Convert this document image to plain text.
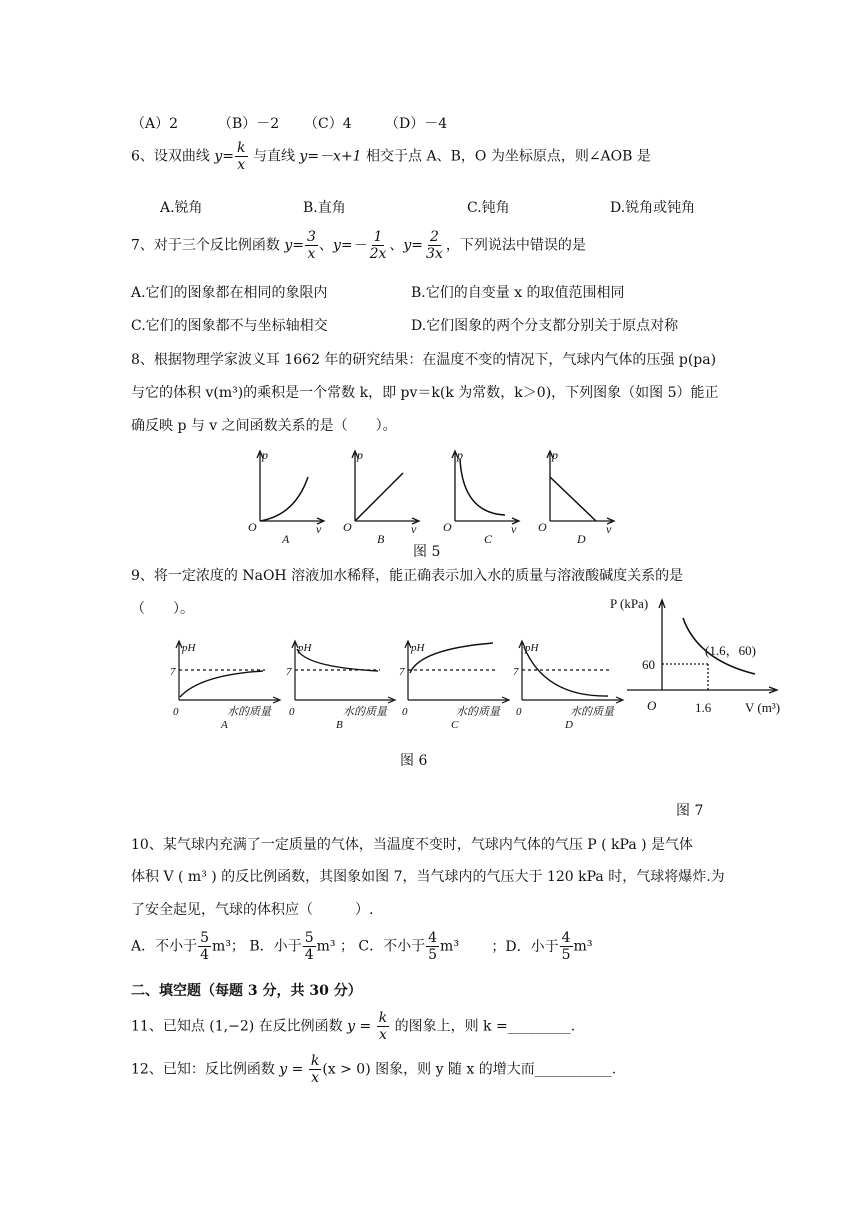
（A）2	（B）－2 （C）4 （D）－4
6、设双曲线 $y= \frac{k}{x}$ 与直线 y=－x+1 相交于点 A、B，O 为坐标原点，则∠AOB 是
A.锐角	B.直角	C.钝角	D.锐角或钝角
7、对于三个反比例函数 $y= \frac{3}{x}$ 、$y=- \frac{1}{2x}$ 、$y= \frac{2}{3x}$ ，下列说法中错误的是
A.它们的图象都在相同的象限内	B.它们的自变量 x 的取值范围相同
C.它们的图象都不与坐标轴相交	D.它们图象的两个分支都分别关于原点对称
8、根据物理学家波义耳 1662 年的研究结果：在温度不变的情况下，气球内气体的压强 p(pa)
与它的体积 v(m³)的乘积是一个常数 k，即 pv＝k(k 为常数，k＞0)，下列图象（如图 5）能正
确反映 p 与 v 之间函数关系的是（　　）。
p
O	v
A
p
O	v
B
p
O	v
C
p
O	v
D
图 5
9、将一定浓度的 NaOH 溶液加水稀释，能正确表示加入水的质量与溶液酸碱度关系的是
（　　）。
pH
7
0	水的质量
A
pH
7
0	水的质量
B
pH
7
0	水的质量
C
pH
7
0	水的质量
D
图 6
P (kPa)
60
(1.6，60)
O	1.6	V (m³)
图 7
10、某气球内充满了一定质量的气体，当温度不变时，气球内气体的气压 P ( kPa ) 是气体
体积 V ( m³ ) 的反比例函数，其图象如图 7，当气球内的气压大于 120 kPa 时，气球将爆炸.为
了安全起见，气球的体积应（　　　）.
A．不小于 $\frac{5}{4} m^3$； B．小于 $\frac{5}{4} m^3$ ； C．不小于 $\frac{4}{5} m^3$ ；D．小于 $\frac{4}{5} m^3$
二、填空题（每题 3 分，共 30 分）
11、已知点 (1,−2) 在反比例函数 $y = \frac{k}{x}$ 的图象上，则 k =_________.
12、已知：反比例函数 $y = \frac{k}{x} (x > 0)$ 图象，则 y 随 x 的增大而___________.
